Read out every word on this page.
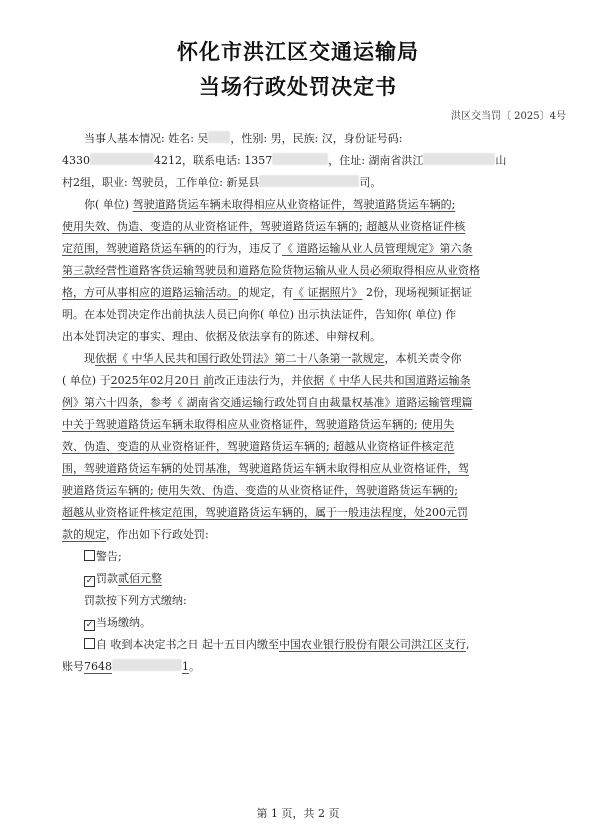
怀化市洪江区交通运输局
当场行政处罚决定书
洪区交当罚〔 2025〕4号
当事人基本情况: 姓名: 吴 ，性别: 男，民族: 汉，身份证号码:
4330	4212，联系电话: 1357	，住址: 湖南省洪江	山
村2组，职业: 驾驶员，工作单位: 新晃县	司。
你( 单位) 驾驶道路货运车辆未取得相应从业资格证件，驾驶道路货运车辆的;
使用失效、伪造、变造的从业资格证件，驾驶道路货运车辆的; 超越从业资格证件核
定范围，驾驶道路货运车辆的的行为，违反了《 道路运输从业人员管理规定》第六条
第三款经营性道路客货运输驾驶员和道路危险货物运输从业人员必须取得相应从业资格
格，方可从事相应的道路运输活动。的规定，有《 证据照片》 2份，现场视频证据证
明。在本处罚决定作出前执法人员已向你( 单位) 出示执法证件，告知你( 单位) 作
出本处罚决定的事实、理由、依据及依法享有的陈述、申辩权利。
现依据《 中华人民共和国行政处罚法》第二十八条第一款规定，本机关责令你
( 单位) 于2025年02月20日 前改正违法行为，并依据《 中华人民共和国道路运输条
例》第六十四条，参考《 湖南省交通运输行政处罚自由裁量权基准》道路运输管理篇
中关于驾驶道路货运车辆未取得相应从业资格证件，驾驶道路货运车辆的; 使用失
效、伪造、变造的从业资格证件，驾驶道路货运车辆的; 超越从业资格证件核定范
围，驾驶道路货运车辆的处罚基准，驾驶道路货运车辆未取得相应从业资格证件，驾
驶道路货运车辆的; 使用失效、伪造、变造的从业资格证件，驾驶道路货运车辆的;
超越从业资格证件核定范围，驾驶道路货运车辆的，属于一般违法程度，处200元罚
款的规定，作出如下行政处罚:
警告;
✓ 罚款贰佰元整
罚款按下列方式缴纳:
✓ 当场缴纳。
自 收到本决定书之日 起十五日内缴至中国农业银行股份有限公司洪江区支行,
账号7648	1。
第 1 页，共 2 页
